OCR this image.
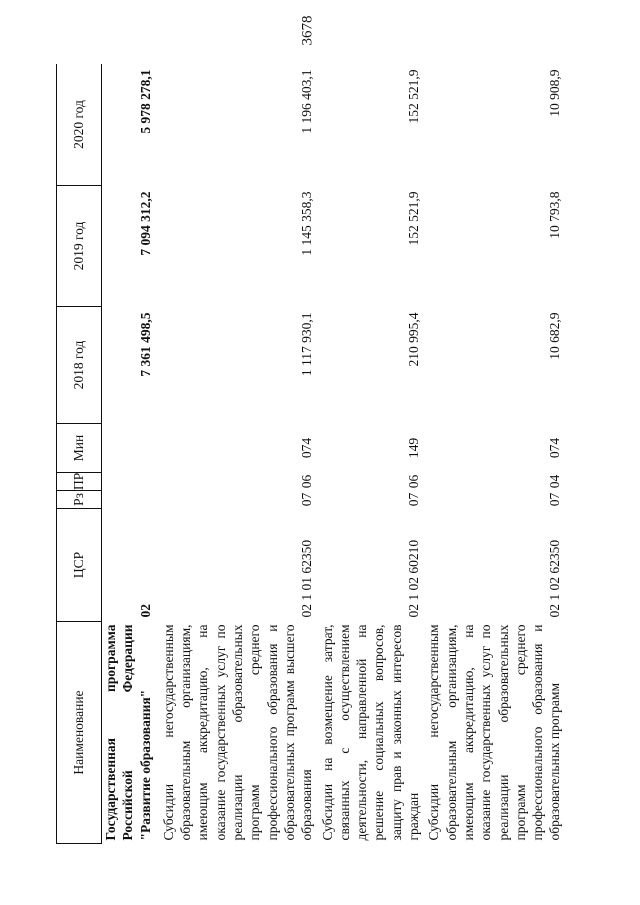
3678
Наименование	ЦСР	Рз	ПР	Мин	2018 год	2019 год	2020 год

Государственная
программа
Российской
Федерации
"Развитие образования"	02				7 361 498,5	7 094 312,2	5 978 278,1
Субсидии негосударственным образовательным организациям, имеющим аккредитацию, на оказание государственных услуг по реализации образовательных программ среднего профессионального образования и образовательных программ высшего образования	02 1 01 62350	07	06	074	1 117 930,1	1 145 358,3	1 196 403,1
Субсидии на возмещение затрат, связанных с осуществлением деятельности, направленной на решение социальных вопросов, защиту прав и законных интересов граждан	02 1 02 60210	07	06	149	210 995,4	152 521,9	152 521,9
Субсидии негосударственным образовательным организациям, имеющим аккредитацию, на оказание государственных услуг по реализации образовательных программ среднего профессионального образования и образовательных программ	02 1 02 62350	07	04	074	10 682,9	10 793,8	10 908,9
